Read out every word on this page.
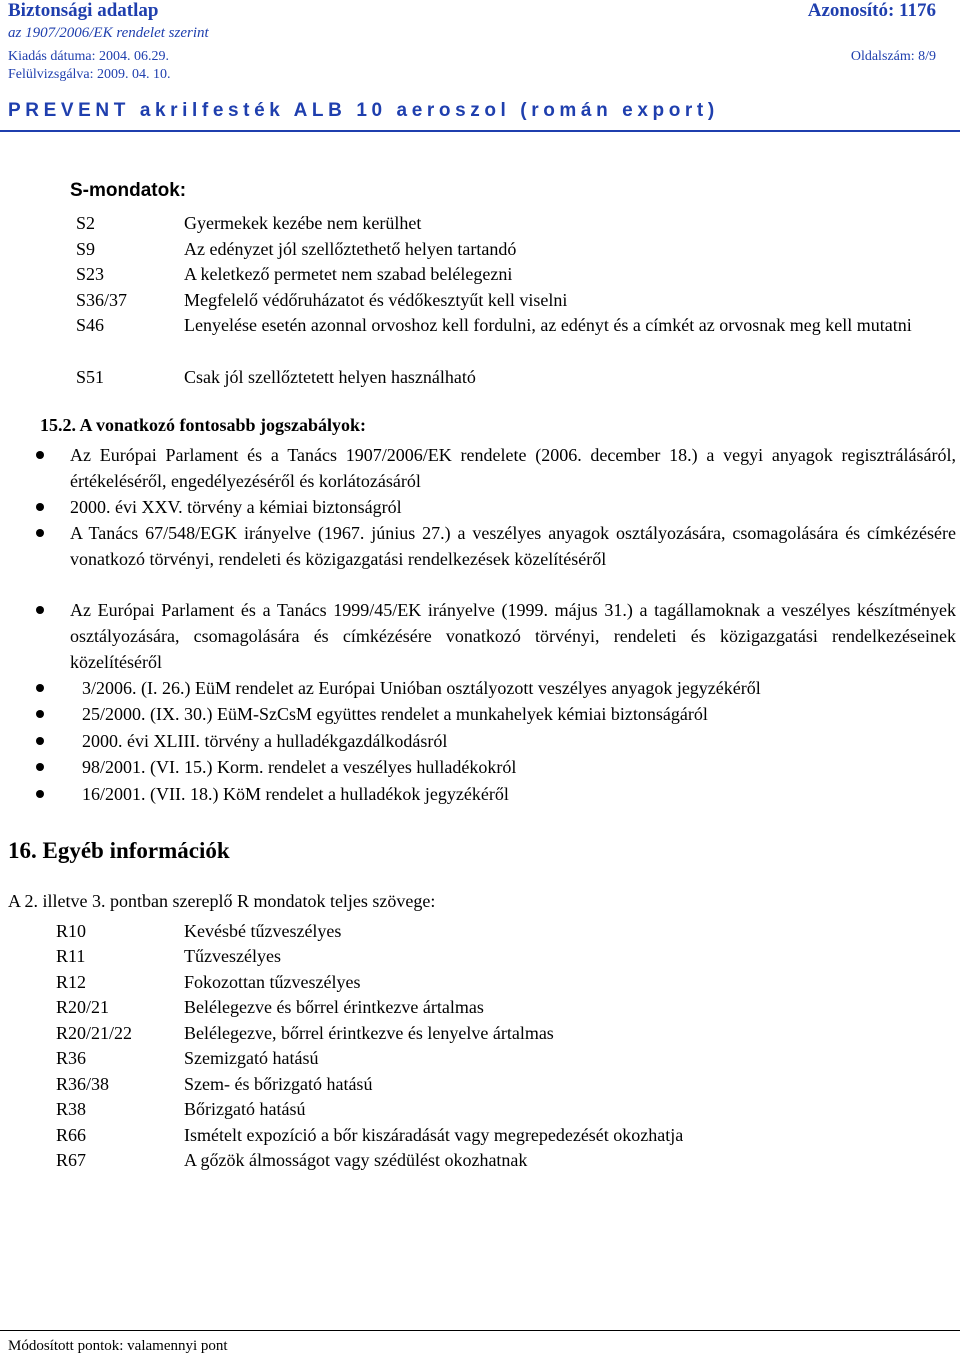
Biztonsági adatlap	Azonosító: 1176
az 1907/2006/EK rendelet szerint
Kiadás dátuma: 2004. 06.29.	Oldalszám: 8/9
Felülvizsgálva: 2009. 04. 10.
PREVENT akrilfesték ALB 10 aeroszol (román export)
S-mondatok:
S2	Gyermekek kezébe nem kerülhet
S9	Az edényzet jól szellőztethető helyen tartandó
S23	A keletkező permetet nem szabad belélegezni
S36/37	Megfelelő védőruházatot és védőkesztyűt kell viselni
S46	Lenyelése esetén azonnal orvoshoz kell fordulni, az edényt és a címkét az orvosnak meg kell mutatni
S51	Csak jól szellőztetett helyen használható
15.2. A vonatkozó fontosabb jogszabályok:
Az Európai Parlament és a Tanács 1907/2006/EK rendelete (2006. december 18.) a vegyi anyagok regisztrálásáról, értékeléséről, engedélyezéséről és korlátozásáról
2000. évi XXV. törvény a kémiai biztonságról
A Tanács 67/548/EGK irányelve (1967. június 27.) a veszélyes anyagok osztályozására, csomagolására és címkézésére vonatkozó törvényi, rendeleti és közigazgatási rendelkezések közelítéséről
Az Európai Parlament és a Tanács 1999/45/EK irányelve (1999. május 31.) a tagállamoknak a veszélyes készítmények osztályozására, csomagolására és címkézésére vonatkozó törvényi, rendeleti és közigazgatási rendelkezéseinek közelítéséről
3/2006. (I. 26.) EüM rendelet az Európai Unióban osztályozott veszélyes anyagok jegyzékéről
25/2000. (IX. 30.) EüM-SzCsM együttes rendelet a munkahelyek kémiai biztonságáról
2000. évi XLIII. törvény a hulladékgazdálkodásról
98/2001. (VI. 15.) Korm. rendelet a veszélyes hulladékokról
16/2001. (VII. 18.) KöM rendelet a hulladékok jegyzékéről
16. Egyéb információk
A 2. illetve 3. pontban szereplő R mondatok teljes szövege:
R10	Kevésbé tűzveszélyes
R11	Tűzveszélyes
R12	Fokozottan tűzveszélyes
R20/21	Belélegezve és bőrrel érintkezve ártalmas
R20/21/22	Belélegezve, bőrrel érintkezve és lenyelve ártalmas
R36	Szemizgató hatású
R36/38	Szem- és bőrizgató hatású
R38	Bőrizgató hatású
R66	Ismételt expozíció a bőr kiszáradását vagy megrepedezését okozhatja
R67	A gőzök álmosságot vagy szédülést okozhatnak
Módosított pontok: valamennyi pont
